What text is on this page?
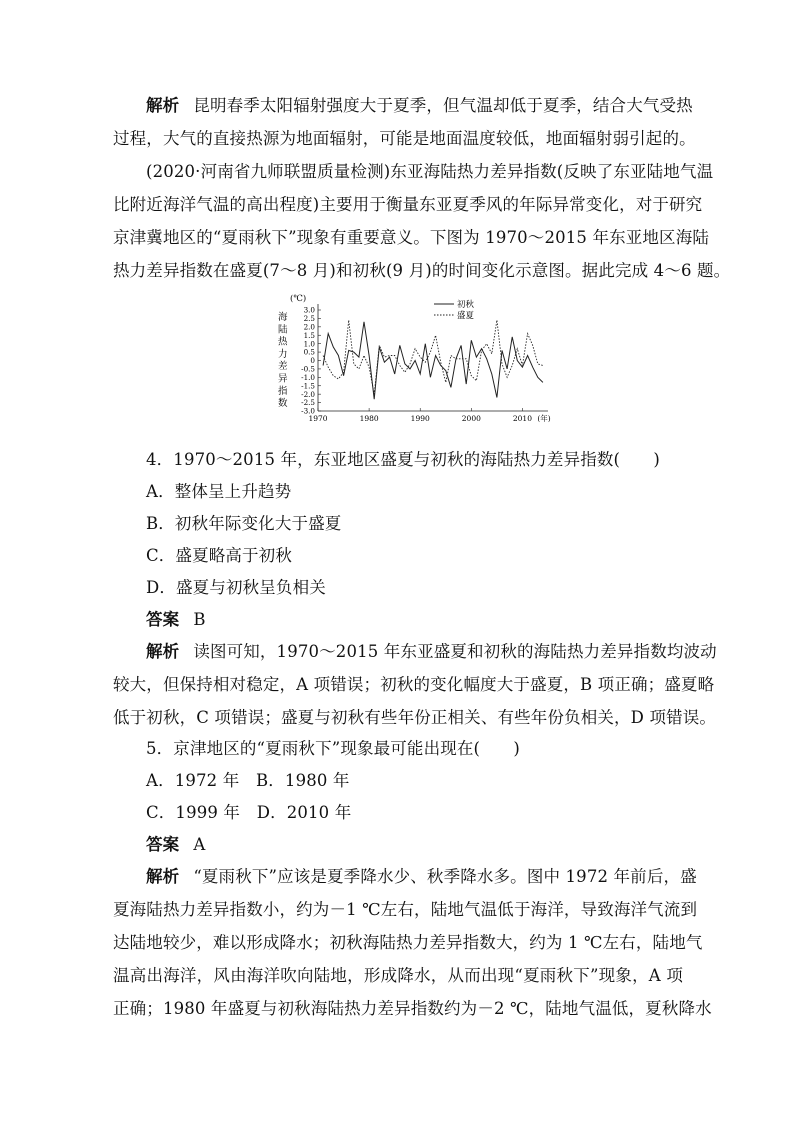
解析 昆明春季太阳辐射强度大于夏季，但气温却低于夏季，结合大气受热
过程，大气的直接热源为地面辐射，可能是地面温度较低，地面辐射弱引起的。
(2020·河南省九师联盟质量检测)东亚海陆热力差异指数(反映了东亚陆地气温
比附近海洋气温的高出程度)主要用于衡量东亚夏季风的年际异常变化，对于研究
京津冀地区的“夏雨秋下”现象有重要意义。下图为 1970～2015 年东亚地区海陆
热力差异指数在盛夏(7～8 月)和初秋(9 月)的时间变化示意图。据此完成 4～6 题。
(℃)
海
陆
热
力
差
异
指
数
3.0
2.5
2.0
1.5
1.0
0.5
0
-0.5
-1.0
-1.5
-2.0
-2.5
-3.0
1970	1980	1990	2000	2010 (年)
初秋
盛夏
4．1970～2015 年，东亚地区盛夏与初秋的海陆热力差异指数(　　)
A．整体呈上升趋势
B．初秋年际变化大于盛夏
C．盛夏略高于初秋
D．盛夏与初秋呈负相关
答案 B
解析 读图可知，1970～2015 年东亚盛夏和初秋的海陆热力差异指数均波动
较大，但保持相对稳定，A 项错误；初秋的变化幅度大于盛夏，B 项正确；盛夏略
低于初秋，C 项错误；盛夏与初秋有些年份正相关、有些年份负相关，D 项错误。
5．京津地区的“夏雨秋下”现象最可能出现在(　　)
A．1972 年　B．1980 年
C．1999 年　D．2010 年
答案 A
解析 “夏雨秋下”应该是夏季降水少、秋季降水多。图中 1972 年前后，盛
夏海陆热力差异指数小，约为－1 ℃左右，陆地气温低于海洋，导致海洋气流到
达陆地较少，难以形成降水；初秋海陆热力差异指数大，约为 1 ℃左右，陆地气
温高出海洋，风由海洋吹向陆地，形成降水，从而出现“夏雨秋下”现象，A 项
正确；1980 年盛夏与初秋海陆热力差异指数约为－2 ℃，陆地气温低，夏秋降水
